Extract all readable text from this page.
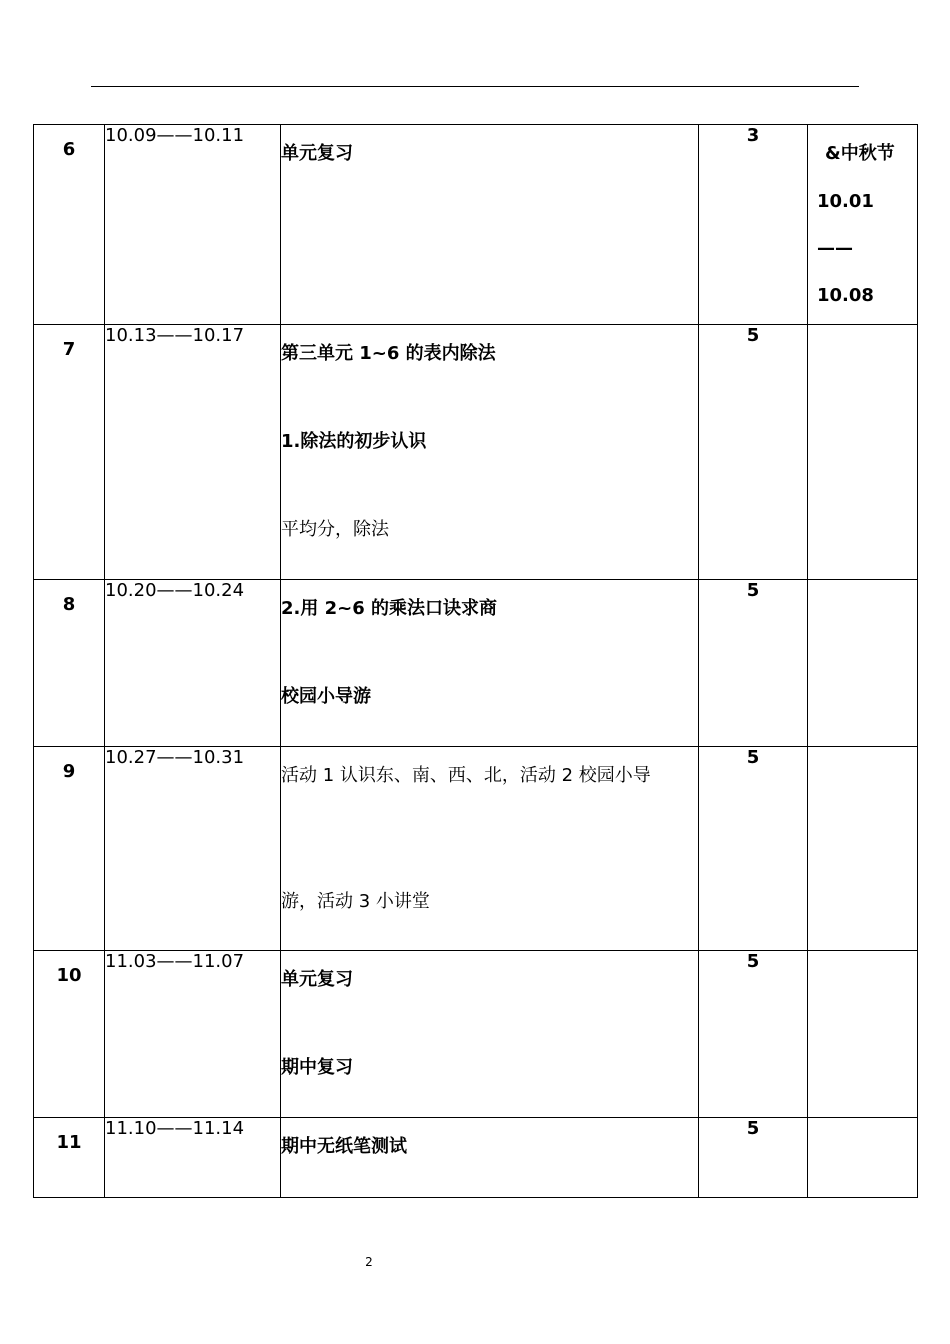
6	10.09——10.11	单元复习	3	&中秋节
10.01
——
10.08

7	10.13——10.17	第三单元 1~6 的表内除法
1.除法的初步认识
平均分，除法	5	

8	10.20——10.24	2.用 2~6 的乘法口诀求商
校园小导游	5	

9	10.27——10.31	活动 1 认识东、南、西、北，活动 2 校园小导
游，活动 3 小讲堂	5	

10	11.03——11.07	单元复习
期中复习	5	

11	11.10——11.14	期中无纸笔测试	5	
2
